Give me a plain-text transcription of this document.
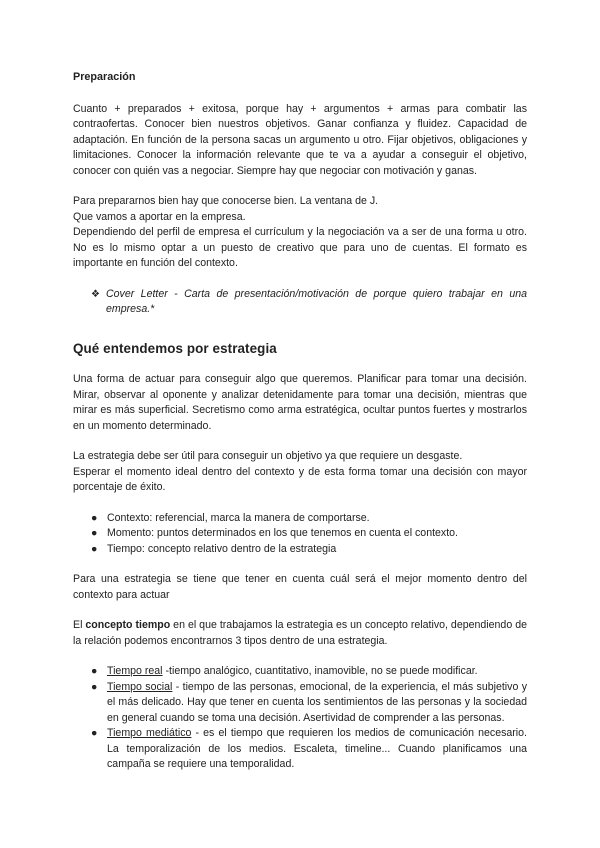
Preparación

Cuanto + preparados + exitosa, porque hay + argumentos + armas para combatir las contraofertas. Conocer bien nuestros objetivos. Ganar confianza y fluidez. Capacidad de adaptación. En función de la persona sacas un argumento u otro. Fijar objetivos, obligaciones y limitaciones. Conocer la información relevante que te va a ayudar a conseguir el objetivo, conocer con quién vas a negociar. Siempre hay que negociar con motivación y ganas.

Para prepararnos bien hay que conocerse bien. La ventana de J.

Que vamos a aportar en la empresa.

Dependiendo del perfil de empresa el currículum y la negociación va a ser de una forma u otro. No es lo mismo optar a un puesto de creativo que para uno de cuentas. El formato es importante en función del contexto.

❖ Cover Letter - Carta de presentación/motivación de porque quiero trabajar en una empresa.*
Qué entendemos por estrategia

Una forma de actuar para conseguir algo que queremos. Planificar para tomar una decisión. Mirar, observar al oponente y analizar detenidamente para tomar una decisión, mientras que mirar es más superficial. Secretismo como arma estratégica, ocultar puntos fuertes y mostrarlos en un momento determinado.

La estrategia debe ser útil para conseguir un objetivo ya que requiere un desgaste.

Esperar el momento ideal dentro del contexto y de esta forma tomar una decisión con mayor porcentaje de éxito.

● Contexto: referencial, marca la manera de comportarse.
● Momento: puntos determinados en los que tenemos en cuenta el contexto.
● Tiempo: concepto relativo dentro de la estrategia

Para una estrategia se tiene que tener en cuenta cuál será el mejor momento dentro del contexto para actuar

El concepto tiempo en el que trabajamos la estrategia es un concepto relativo, dependiendo de la relación podemos encontrarnos 3 tipos dentro de una estrategia.

● Tiempo real -tiempo analógico, cuantitativo, inamovible, no se puede modificar.
● Tiempo social - tiempo de las personas, emocional, de la experiencia, el más subjetivo y el más delicado. Hay que tener en cuenta los sentimientos de las personas y la sociedad en general cuando se toma una decisión. Asertividad de comprender a las personas.
● Tiempo mediático - es el tiempo que requieren los medios de comunicación necesario. La temporalización de los medios. Escaleta, timeline... Cuando planificamos una campaña se requiere una temporalidad.
